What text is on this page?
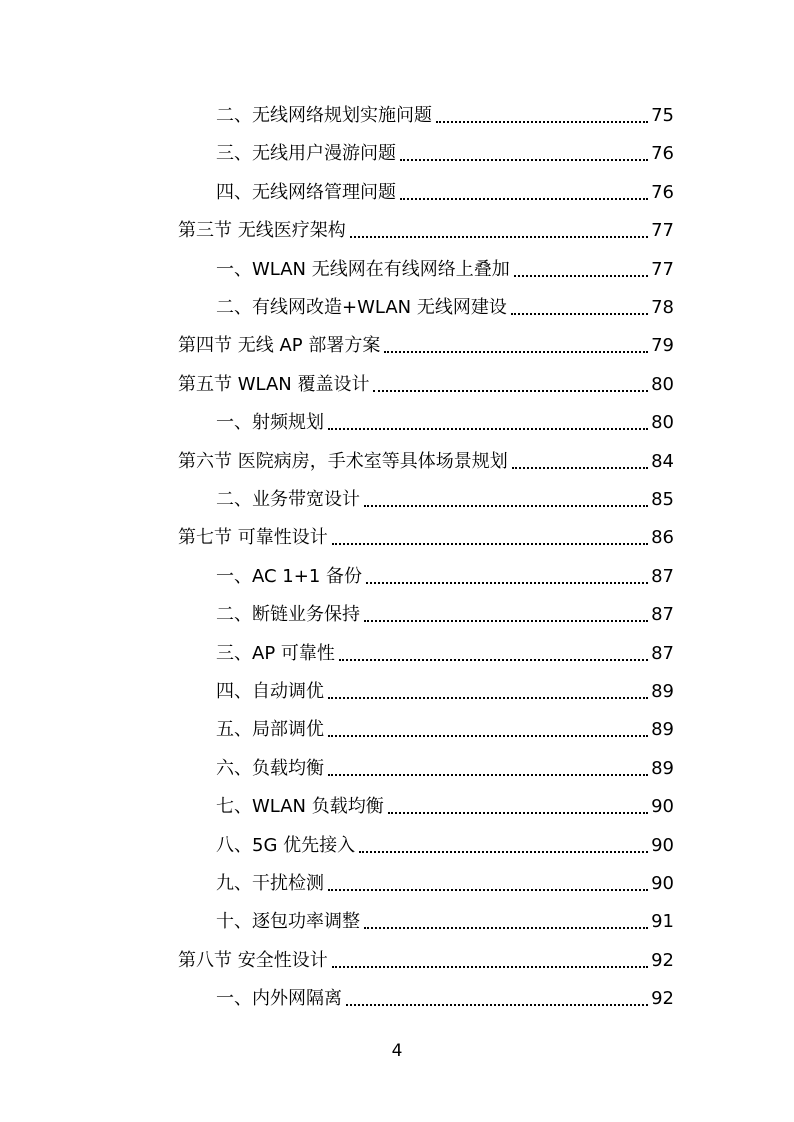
二、无线网络规划实施问题	75
三、无线用户漫游问题	76
四、无线网络管理问题	76
第三节 无线医疗架构	77
一、WLAN 无线网在有线网络上叠加	77
二、有线网改造+WLAN 无线网建设	78
第四节 无线 AP 部署方案	79
第五节 WLAN 覆盖设计	80
一、射频规划	80
第六节 医院病房，手术室等具体场景规划	84
二、业务带宽设计	85
第七节 可靠性设计	86
一、AC 1+1 备份	87
二、断链业务保持	87
三、AP 可靠性	87
四、自动调优	89
五、局部调优	89
六、负载均衡	89
七、WLAN 负载均衡	90
八、5G 优先接入	90
九、干扰检测	90
十、逐包功率调整	91
第八节 安全性设计	92
一、内外网隔离	92
4
